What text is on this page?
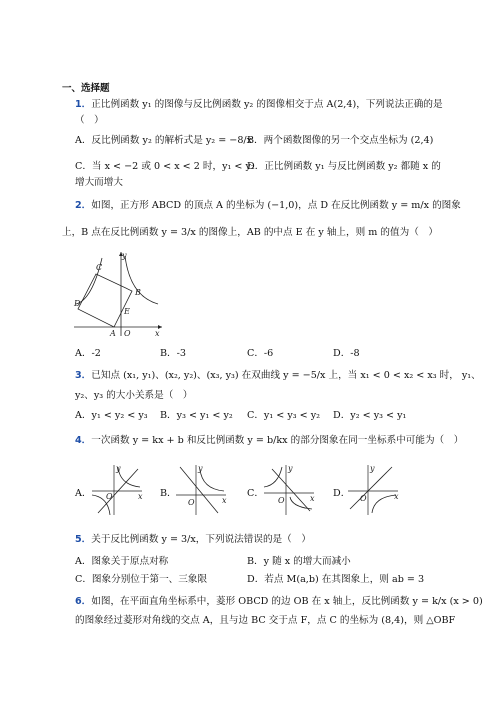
一、选择题
1．正比例函数 y₁ 的图像与反比例函数 y₂ 的图像相交于点 A(2,4)，下列说法正确的是
（　）
A．反比例函数 y₂ 的解析式是 y₂ = −8/x
B．两个函数图像的另一个交点坐标为 (2,4)
C．当 x < −2 或 0 < x < 2 时，y₁ < y₂
D．正比例函数 y₁ 与反比例函数 y₂ 都随 x 的
增大而增大
2．如图，正方形 ABCD 的顶点 A 的坐标为 (−1,0)，点 D 在反比例函数 y = m/x 的图象
上，B 点在反比例函数 y = 3/x 的图像上，AB 的中点 E 在 y 轴上，则 m 的值为（　）
C
y
D
B
E
A O	x
A．-2	B．-3	C．-6	D．-8
3．已知点 (x₁, y₁)、(x₂, y₂)、(x₃, y₃) 在双曲线 y = −5/x 上，当 x₁ < 0 < x₂ < x₃ 时， y₁、
y₂、y₃ 的大小关系是（　）
A．y₁ < y₂ < y₃ B．y₃ < y₁ < y₂ C．y₁ < y₃ < y₂ D．y₂ < y₃ < y₁
4．一次函数 y = kx + b 和反比例函数 y = b/kx 的部分图象在同一坐标系中可能为（　）
A．
y
O	x B．
y
O	x
C．
y
O	x D．
y
O	x
5．关于反比例函数 y = 3/x，下列说法错误的是（　）
A．图象关于原点对称	B．y 随 x 的增大而减小
C．图象分别位于第一、三象限	D．若点 M(a,b) 在其图象上，则 ab = 3
6．如图，在平面直角坐标系中，菱形 OBCD 的边 OB 在 x 轴上，反比例函数 y = k/x (x > 0)
的图象经过菱形对角线的交点 A，且与边 BC 交于点 F，点 C 的坐标为 (8,4)，则 △OBF
